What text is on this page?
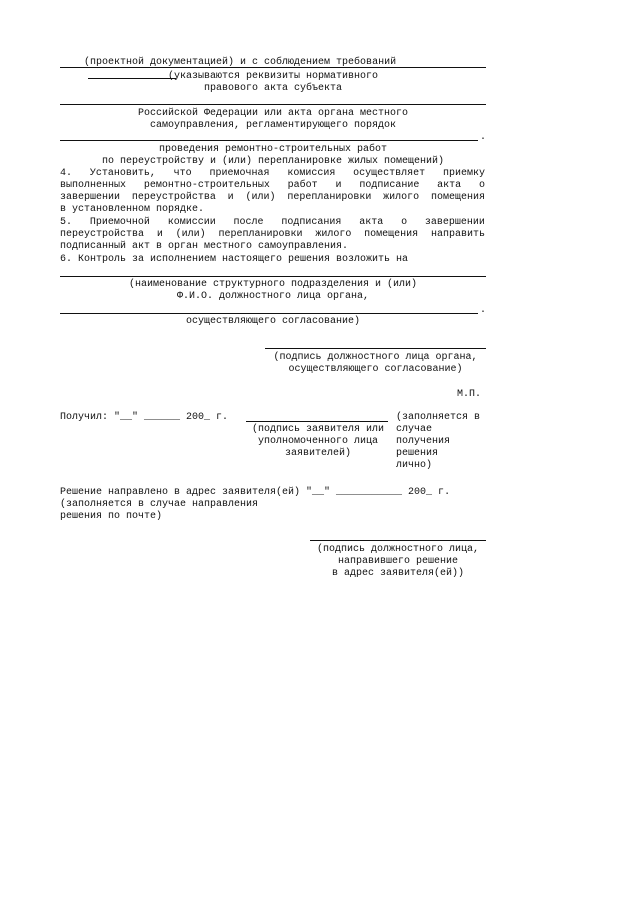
(проектной документацией) и с соблюдением требований

(указываются реквизиты нормативного
правового акта субъекта
Российской Федерации или акта органа местного
самоуправления, регламентирующего порядок
.
проведения ремонтно-строительных работ
по переустройству и (или) перепланировке жилых помещений)
4. Установить, что приемочная комиссия осуществляет приемку
выполненных ремонтно-строительных работ и подписание акта о
завершении переустройства и (или) перепланировки жилого помещения
в установленном порядке.
5. Приемочной комиссии после подписания акта о завершении
переустройства и (или) перепланировки жилого помещения направить
подписанный акт в орган местного самоуправления.
6. Контроль за исполнением настоящего решения возложить на
(наименование структурного подразделения и (или)
Ф.И.О. должностного лица органа,
.
осуществляющего согласование)
(подпись должностного лица органа,
осуществляющего согласование)
М.П.
Получил: "__" ______ 200_ г.
(подпись заявителя или
уполномоченного лица
заявителей)
(заполняется в
случае
получения
решения
лично)
Решение направлено в адрес заявителя(ей) "__" ___________ 200_ г.
(заполняется в случае направления
решения по почте)
(подпись должностного лица,
направившего решение
в адрес заявителя(ей))
